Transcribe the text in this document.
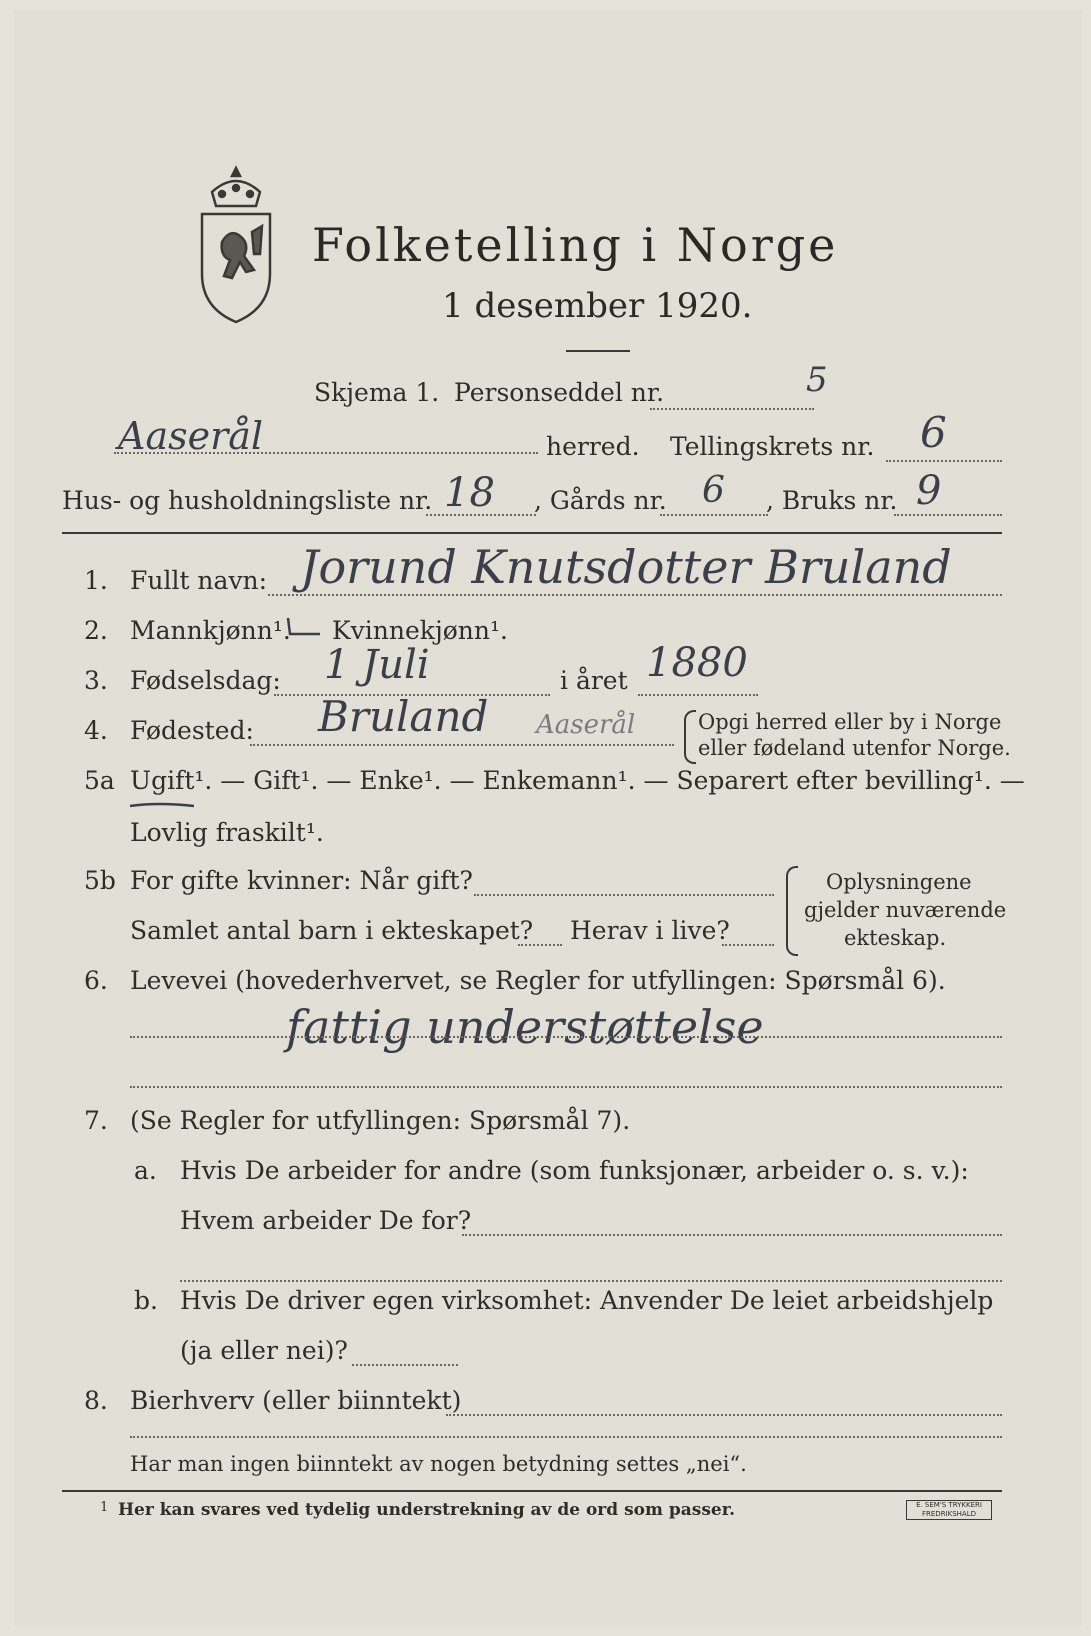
Folketelling i Norge
1 desember 1920.
Skjema 1. Personseddel nr.	5
Aaserål	herred. Tellingskrets nr. 6
Hus- og husholdningsliste nr. 18 , Gårds nr. 6 , Bruks nr. 9
1. Fullt navn: Jorund Knutsdotter Bruland
2. Mannkjønn¹. Kvinnekjønn¹.
3. Fødselsdag: 1 Juli	i året 1880
4. Fødested: Bruland Aaserål	Opgi herred eller by i Norge
eller fødeland utenfor Norge.
5a Ugift¹. — Gift¹. — Enke¹. — Enkemann¹. — Separert efter bevilling¹. —
Lovlig fraskilt¹.
5b For gifte kvinner: Når gift?
Samlet antal barn i ekteskapet? Herav i live?
Oplysningene
gjelder nuværende
ekteskap.
6. Levevei (hovederhvervet, se Regler for utfyllingen: Spørsmål 6).
fattig understøttelse
7. (Se Regler for utfyllingen: Spørsmål 7).
a. Hvis De arbeider for andre (som funksjonær, arbeider o. s. v.):
Hvem arbeider De for?
b. Hvis De driver egen virksomhet: Anvender De leiet arbeidshjelp
(ja eller nei)?
8. Bierhverv (eller biinntekt)
Har man ingen biinntekt av nogen betydning settes „nei“.
1 Her kan svares ved tydelig understrekning av de ord som passer.	E. SEM'S TRYKKERI FREDRIKSHALD
